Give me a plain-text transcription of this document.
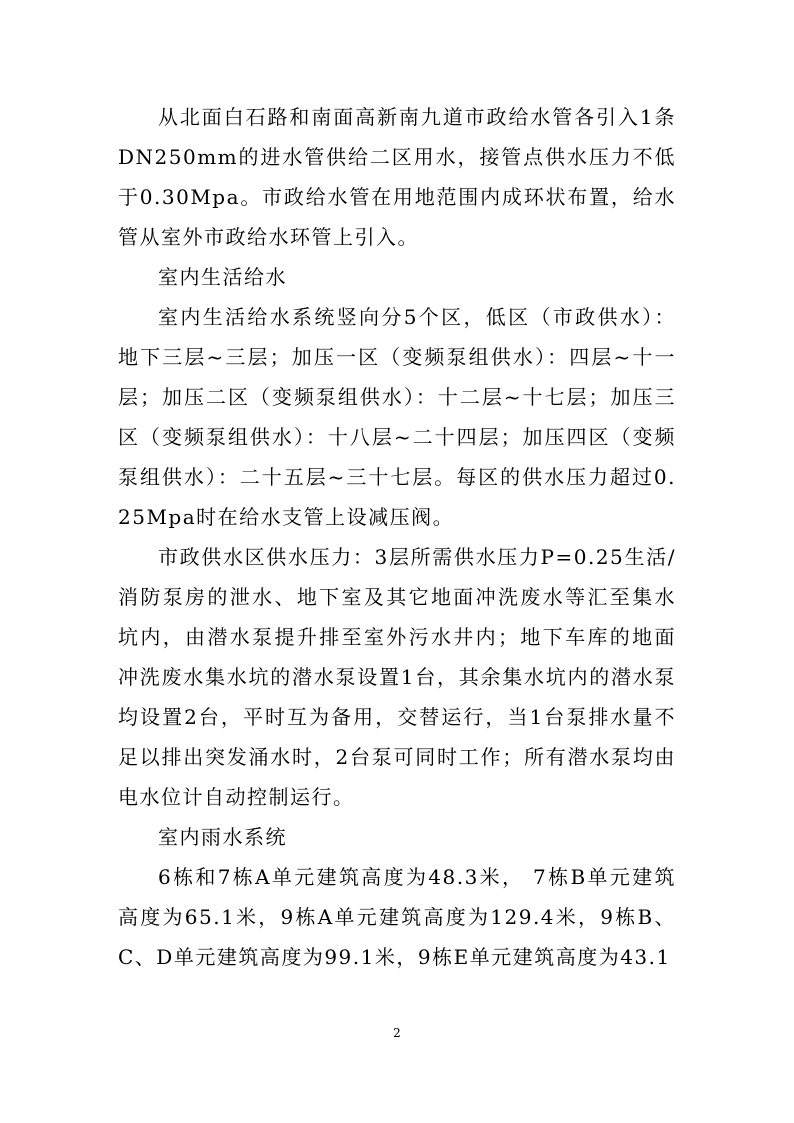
从北面白石路和南面高新南九道市政给水管各引入1条DN250mm的进水管供给二区用水，接管点供水压力不低于0.30Mpa。市政给水管在用地范围内成环状布置，给水管从室外市政给水环管上引入。

室内生活给水

室内生活给水系统竖向分5个区，低区（市政供水）：地下三层~三层；加压一区（变频泵组供水）：四层~十一层；加压二区（变频泵组供水）：十二层~十七层；加压三区（变频泵组供水）：十八层~二十四层；加压四区（变频泵组供水）：二十五层~三十七层。每区的供水压力超过0.25Mpa时在给水支管上设减压阀。

市政供水区供水压力：3层所需供水压力P=0.25生活/消防泵房的泄水、地下室及其它地面冲洗废水等汇至集水坑内，由潜水泵提升排至室外污水井内；地下车库的地面冲洗废水集水坑的潜水泵设置1台，其余集水坑内的潜水泵均设置2台，平时互为备用，交替运行，当1台泵排水量不足以排出突发涌水时，2台泵可同时工作；所有潜水泵均由电水位计自动控制运行。

室内雨水系统

6栋和7栋A单元建筑高度为48.3米， 7栋B单元建筑高度为65.1米，9栋A单元建筑高度为129.4米，9栋B、C、D单元建筑高度为99.1米，9栋E单元建筑高度为43.1

2
